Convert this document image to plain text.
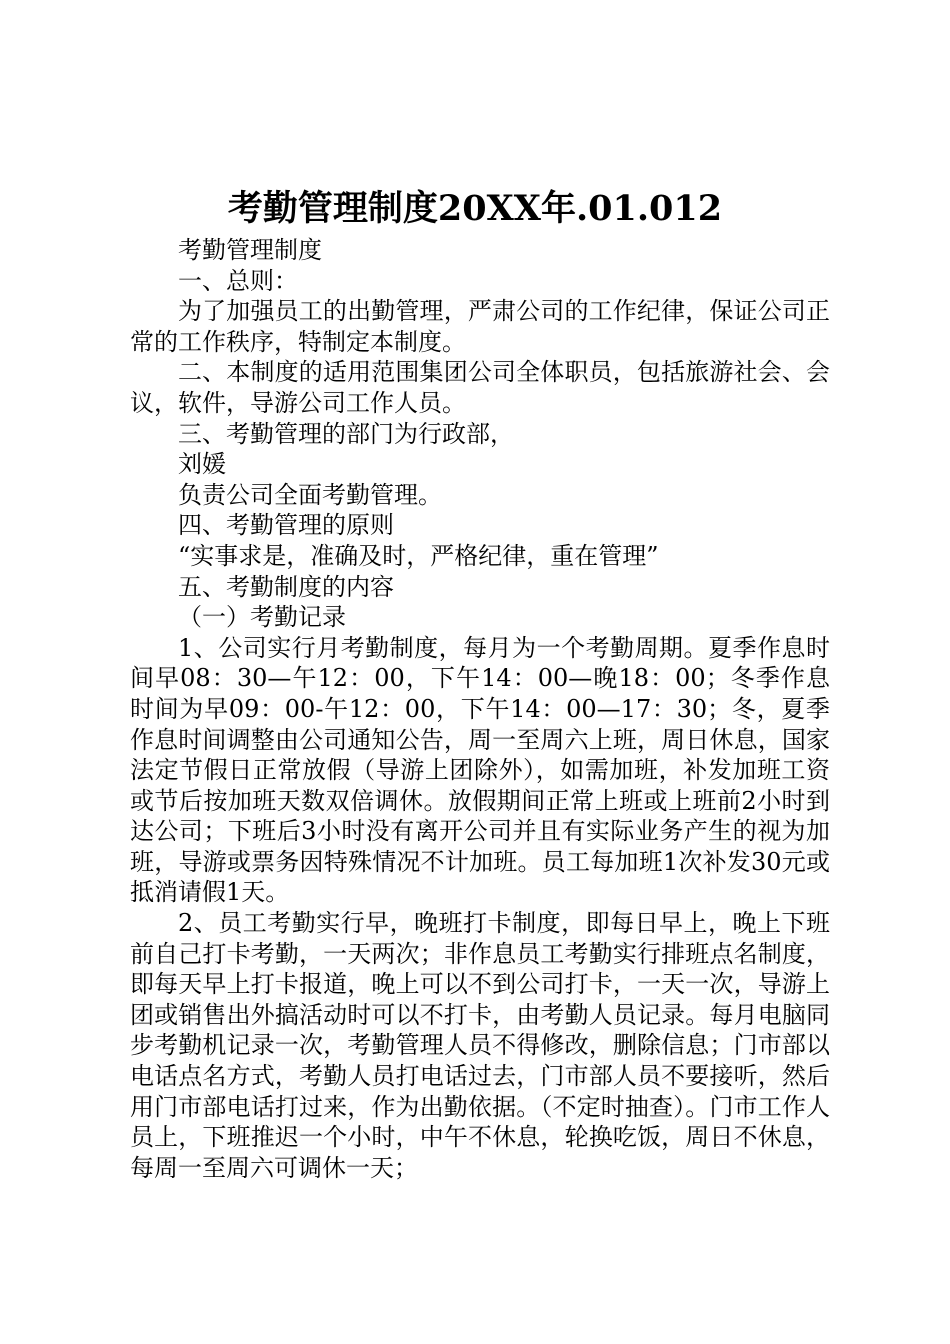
考勤管理制度20XX年.01.012

考勤管理制度

一、总则：

为了加强员工的出勤管理，严肃公司的工作纪律，保证公司正常的工作秩序，特制定本制度。

二、本制度的适用范围集团公司全体职员，包括旅游社会、会议，软件，导游公司工作人员。

三、考勤管理的部门为行政部，

刘媛

负责公司全面考勤管理。

四、考勤管理的原则

“实事求是，准确及时，严格纪律，重在管理”

五、考勤制度的内容

（一）考勤记录

1、公司实行月考勤制度，每月为一个考勤周期。夏季作息时间早08：30—午12：00，下午14：00—晚18：00；冬季作息时间为早09：00-午12：00，下午14：00—17：30；冬，夏季作息时间调整由公司通知公告，周一至周六上班，周日休息，国家法定节假日正常放假（导游上团除外），如需加班，补发加班工资或节后按加班天数双倍调休。放假期间正常上班或上班前2小时到达公司；下班后3小时没有离开公司并且有实际业务产生的视为加班，导游或票务因特殊情况不计加班。员工每加班1次补发30元或抵消请假1天。

2、员工考勤实行早，晚班打卡制度，即每日早上，晚上下班前自己打卡考勤，一天两次；非作息员工考勤实行排班点名制度，即每天早上打卡报道，晚上可以不到公司打卡，一天一次，导游上团或销售出外搞活动时可以不打卡，由考勤人员记录。每月电脑同步考勤机记录一次，考勤管理人员不得修改，删除信息；门市部以电话点名方式，考勤人员打电话过去，门市部人员不要接听，然后用门市部电话打过来，作为出勤依据。（不定时抽查）。门市工作人员上，下班推迟一个小时，中午不休息，轮换吃饭，周日不休息，每周一至周六可调休一天；
